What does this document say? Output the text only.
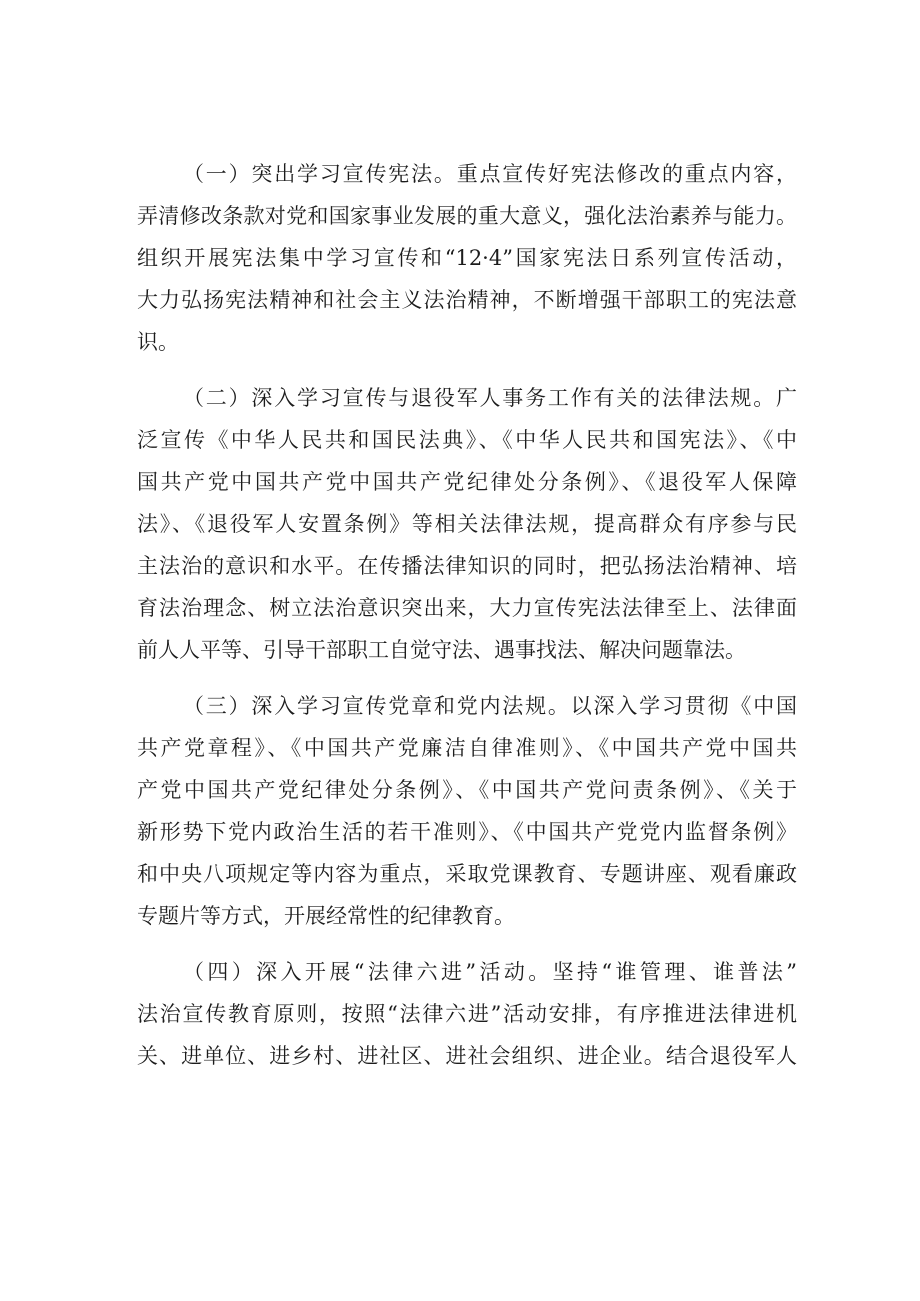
（一）突出学习宣传宪法。重点宣传好宪法修改的重点内容，
弄清修改条款对党和国家事业发展的重大意义，强化法治素养与能力。
组织开展宪法集中学习宣传和“12·4”国家宪法日系列宣传活动，
大力弘扬宪法精神和社会主义法治精神，不断增强干部职工的宪法意
识。
（二）深入学习宣传与退役军人事务工作有关的法律法规。广
泛宣传《中华人民共和国民法典》、《中华人民共和国宪法》、《中
国共产党中国共产党中国共产党纪律处分条例》、《退役军人保障
法》、《退役军人安置条例》等相关法律法规，提高群众有序参与民
主法治的意识和水平。在传播法律知识的同时，把弘扬法治精神、培
育法治理念、树立法治意识突出来，大力宣传宪法法律至上、法律面
前人人平等、引导干部职工自觉守法、遇事找法、解决问题靠法。
（三）深入学习宣传党章和党内法规。以深入学习贯彻《中国
共产党章程》、《中国共产党廉洁自律准则》、《中国共产党中国共
产党中国共产党纪律处分条例》、《中国共产党问责条例》、《关于
新形势下党内政治生活的若干准则》、《中国共产党党内监督条例》
和中央八项规定等内容为重点，采取党课教育、专题讲座、观看廉政
专题片等方式，开展经常性的纪律教育。
（四）深入开展“法律六进”活动。坚持“谁管理、谁普法”
法治宣传教育原则，按照“法律六进”活动安排，有序推进法律进机
关、进单位、进乡村、进社区、进社会组织、进企业。结合退役军人
